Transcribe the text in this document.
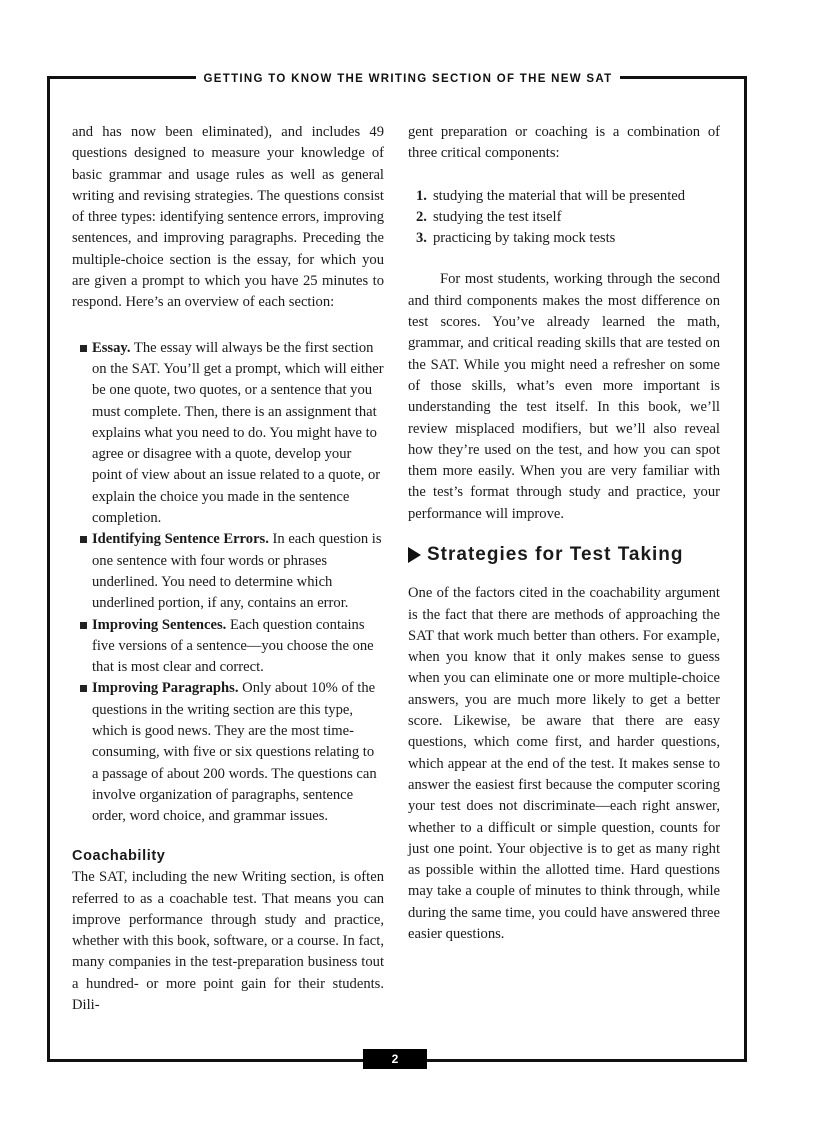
GETTING TO KNOW THE WRITING SECTION OF THE NEW SAT
2

and has now been eliminated), and includes 49 questions designed to measure your knowledge of basic grammar and usage rules as well as general writing and revising strategies. The questions consist of three types: identifying sentence errors, improving sentences, and improving paragraphs. Preceding the multiple-choice section is the essay, for which you are given a prompt to which you have 25 minutes to respond. Here’s an overview of each section:

Essay. The essay will always be the first section on the SAT. You’ll get a prompt, which will either be one quote, two quotes, or a sentence that you must complete. Then, there is an assignment that explains what you need to do. You might have to agree or disagree with a quote, develop your point of view about an issue related to a quote, or explain the choice you made in the sentence completion.
Identifying Sentence Errors. In each question is one sentence with four words or phrases underlined. You need to determine which underlined portion, if any, contains an error.
Improving Sentences. Each question contains five versions of a sentence—you choose the one that is most clear and correct.
Improving Paragraphs. Only about 10% of the questions in the writing section are this type, which is good news. They are the most time-consuming, with five or six questions relating to a passage of about 200 words. The questions can involve organization of paragraphs, sentence order, word choice, and grammar issues.

Coachability

The SAT, including the new Writing section, is often referred to as a coachable test. That means you can improve performance through study and practice, whether with this book, software, or a course. In fact, many companies in the test-preparation business tout a hundred- or more point gain for their students. Dili-

gent preparation or coaching is a combination of three critical components:

1. studying the material that will be presented
2. studying the test itself
3. practicing by taking mock tests

For most students, working through the second and third components makes the most difference on test scores. You’ve already learned the math, grammar, and critical reading skills that are tested on the SAT. While you might need a refresher on some of those skills, what’s even more important is understanding the test itself. In this book, we’ll review misplaced modifiers, but we’ll also reveal how they’re used on the test, and how you can spot them more easily. When you are very familiar with the test’s format through study and practice, your performance will improve.

Strategies for Test Taking

One of the factors cited in the coachability argument is the fact that there are methods of approaching the SAT that work much better than others. For example, when you know that it only makes sense to guess when you can eliminate one or more multiple-choice answers, you are much more likely to get a better score. Likewise, be aware that there are easy questions, which come first, and harder questions, which appear at the end of the test. It makes sense to answer the easiest first because the computer scoring your test does not discriminate—each right answer, whether to a difficult or simple question, counts for just one point. Your objective is to get as many right as possible within the allotted time. Hard questions may take a couple of minutes to think through, while during the same time, you could have answered three easier questions.
